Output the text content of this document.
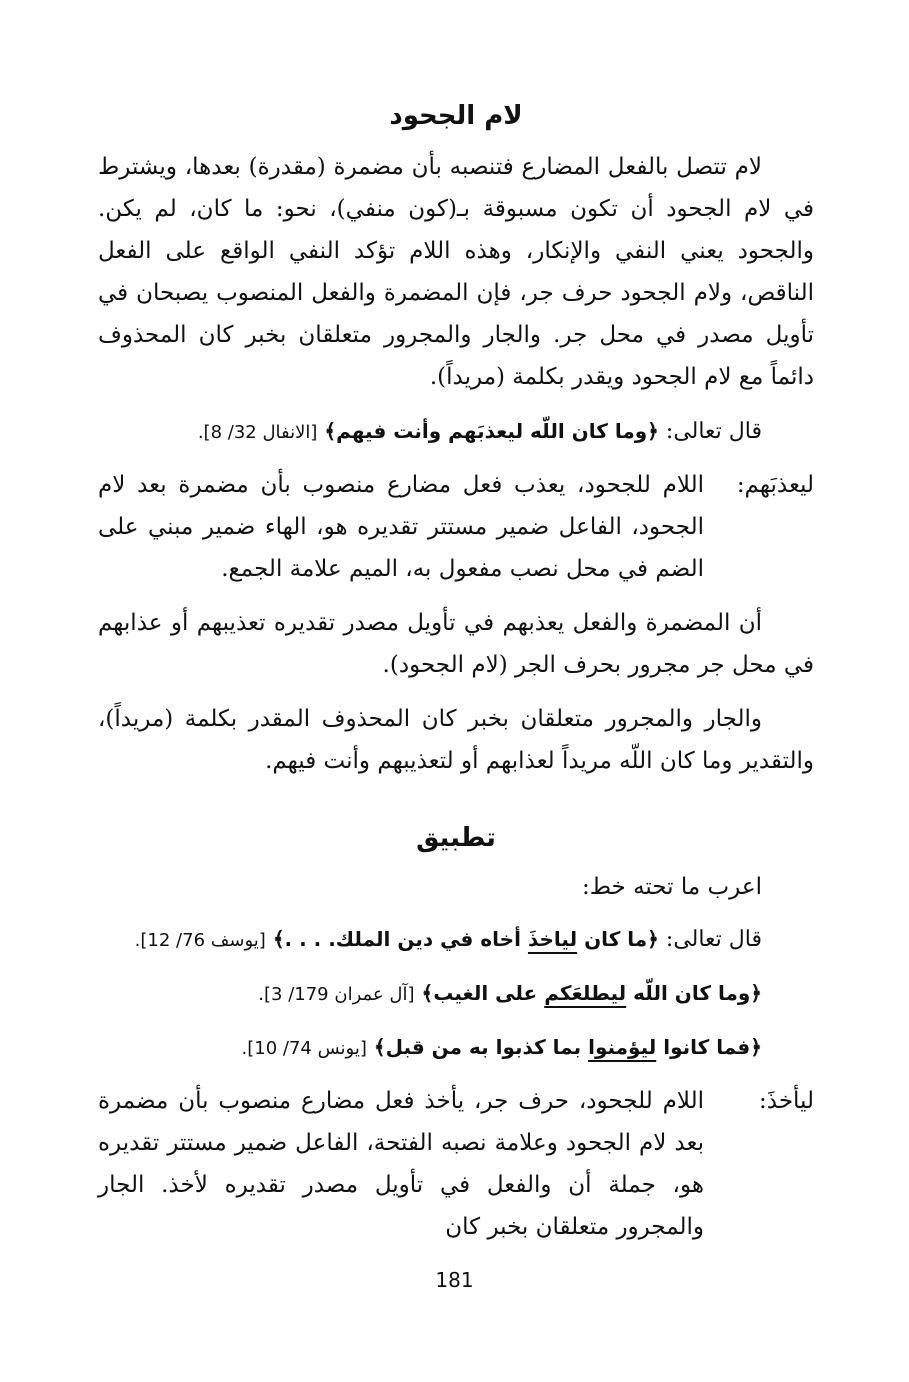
لام الجحود

لام تتصل بالفعل المضارع فتنصبه بأن مضمرة (مقدرة) بعدها، ويشترط في لام الجحود أن تكون مسبوقة بـ(كون منفي)، نحو: ما كان، لم يكن. والجحود يعني النفي والإنكار، وهذه اللام تؤكد النفي الواقع على الفعل الناقص، ولام الجحود حرف جر، فإن المضمرة والفعل المنصوب يصبحان في تأويل مصدر في محل جر. والجار والمجرور متعلقان بخبر كان المحذوف دائماً مع لام الجحود ويقدر بكلمة (مريداً).

قال تعالى: ﴿وما كان اللّه ليعذبَهم وأنت فيهم﴾ [الانفال 32/ 8].
ليعذبَهم:
اللام للجحود، يعذب فعل مضارع منصوب بأن مضمرة بعد لام الجحود، الفاعل ضمير مستتر تقديره هو، الهاء ضمير مبني على الضم في محل نصب مفعول به، الميم علامة الجمع.

أن المضمرة والفعل يعذبهم في تأويل مصدر تقديره تعذيبهم أو عذابهم في محل جر مجرور بحرف الجر (لام الجحود).

والجار والمجرور متعلقان بخبر كان المحذوف المقدر بكلمة (مريداً)، والتقدير وما كان اللّه مريداً لعذابهم أو لتعذيبهم وأنت فيهم.

تطبيق
اعرب ما تحته خط:
قال تعالى: ﴿ما كان لياخذَ أخاه في دين الملك. . . .﴾ [يوسف 76/ 12].
﴿وما كان اللّه ليطلعَكم على الغيب﴾ [آل عمران 179/ 3].
﴿فما كانوا ليؤمنوا بما كذبوا به من قبل﴾ [يونس 74/ 10].
ليأخذَ:
اللام للجحود، حرف جر، يأخذ فعل مضارع منصوب بأن مضمرة بعد لام الجحود وعلامة نصبه الفتحة، الفاعل ضمير مستتر تقديره هو، جملة أن والفعل في تأويل مصدر تقديره لأخذ. الجار والمجرور متعلقان بخبر كان
181
